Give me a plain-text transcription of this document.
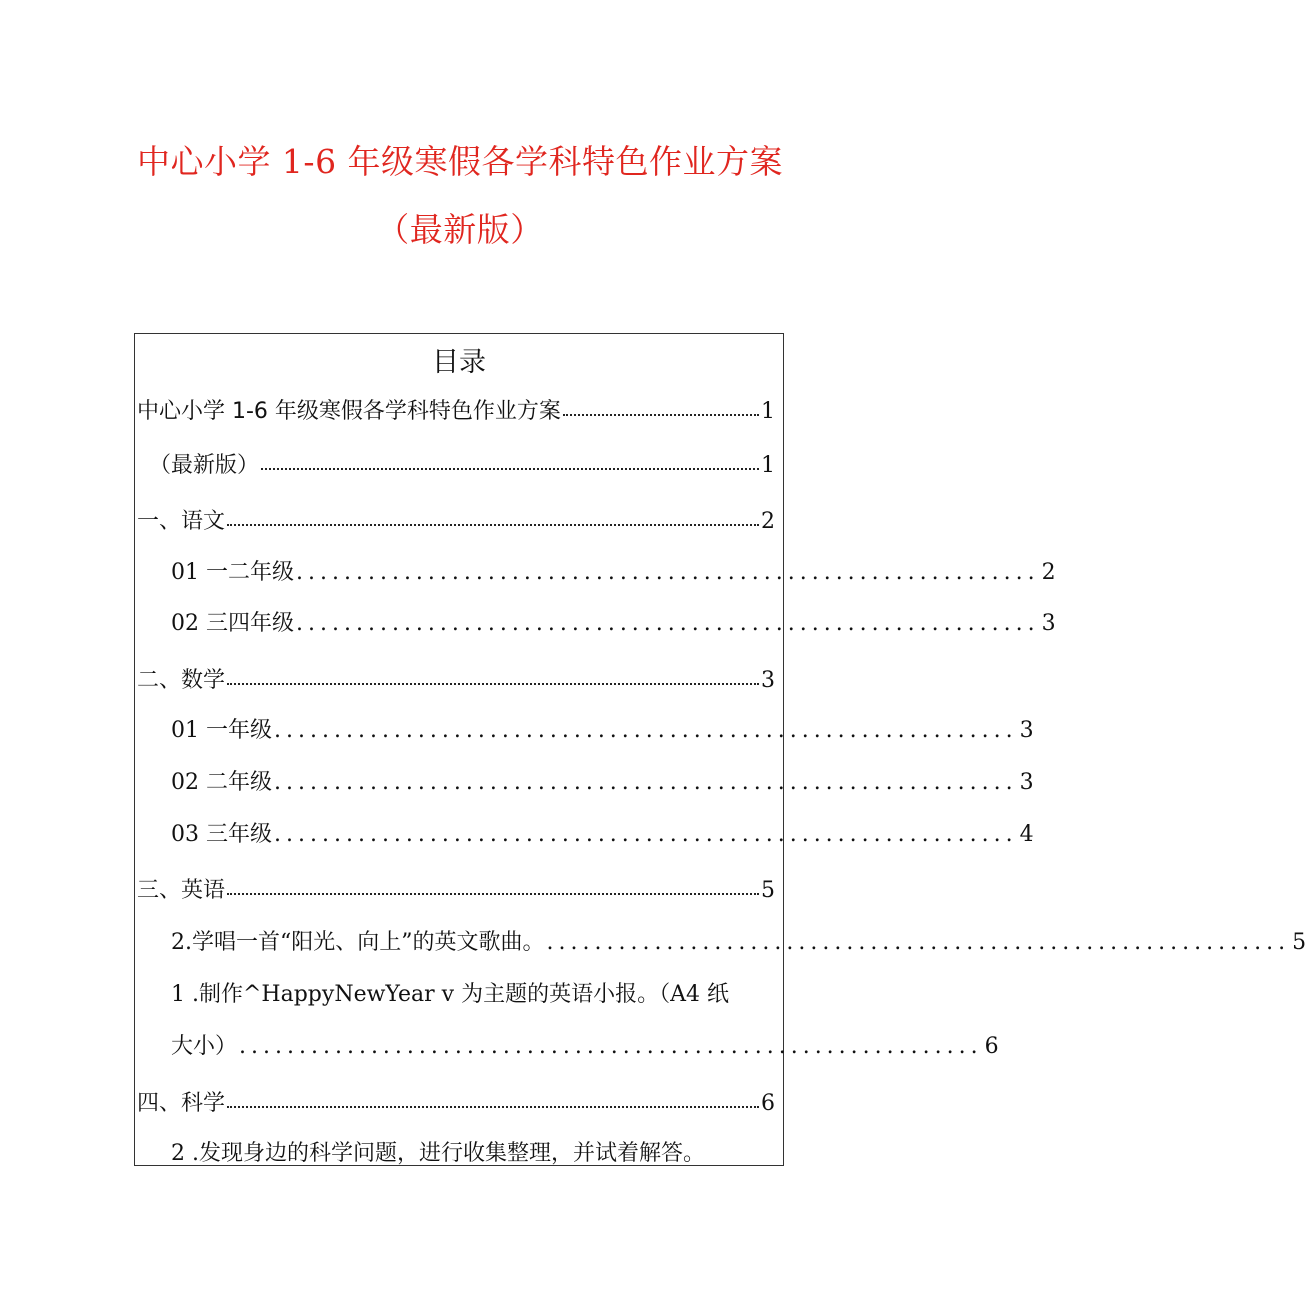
中心小学 1-6 年级寒假各学科特色作业方案
（最新版）
目录
中心小学 1-6 年级寒假各学科特色作业方案	1
（最新版）	1
一、语文	2
01 一二年级 .............................................................. 2
02 三四年级 .............................................................. 3
二、数学	3
01 一年级 .............................................................. 3
02 二年级 .............................................................. 3
03 三年级 .............................................................. 4
三、英语	5
2.学唱一首“阳光、向上”的英文歌曲。 .............................................................. 5
1 .制作^HappyNewYear v 为主题的英语小报。（A4 纸
大小） .............................................................. 6
四、科学	6
2 .发现身边的科学问题，进行收集整理，并试着解答。
